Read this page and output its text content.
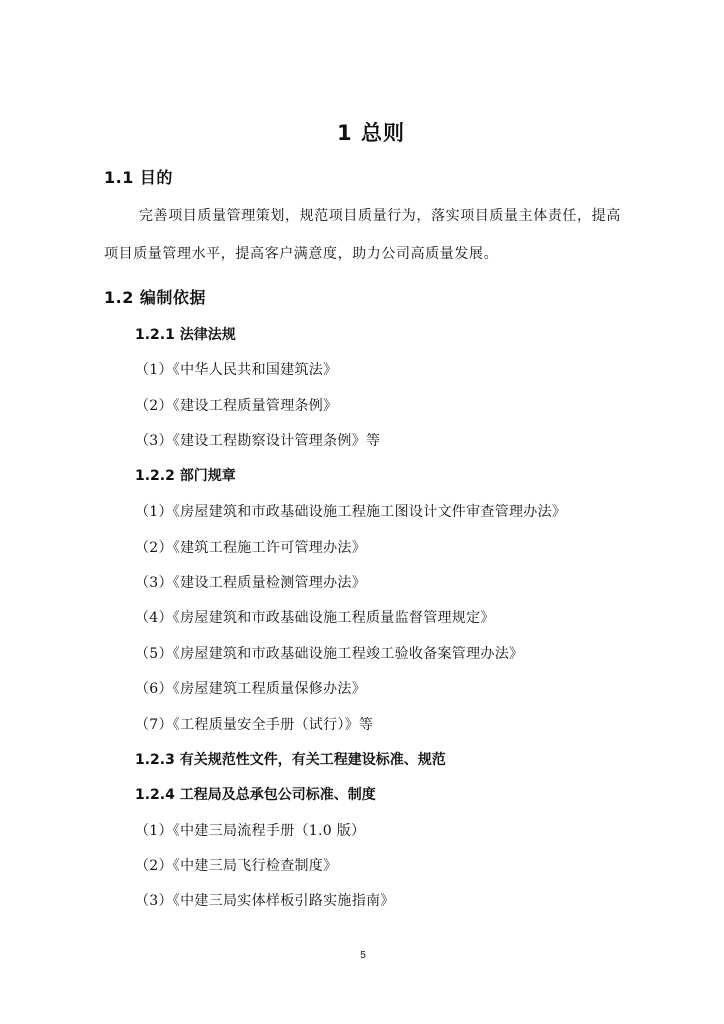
1 总则
1.1 目的
完善项目质量管理策划，规范项目质量行为，落实项目质量主体责任，提高项目质量管理水平，提高客户满意度，助力公司高质量发展。
1.2 编制依据
1.2.1 法律法规
（1）《中华人民共和国建筑法》
（2）《建设工程质量管理条例》
（3）《建设工程勘察设计管理条例》等
1.2.2 部门规章
（1）《房屋建筑和市政基础设施工程施工图设计文件审查管理办法》
（2）《建筑工程施工许可管理办法》
（3）《建设工程质量检测管理办法》
（4）《房屋建筑和市政基础设施工程质量监督管理规定》
（5）《房屋建筑和市政基础设施工程竣工验收备案管理办法》
（6）《房屋建筑工程质量保修办法》
（7）《工程质量安全手册（试行）》等
1.2.3 有关规范性文件，有关工程建设标准、规范
1.2.4 工程局及总承包公司标准、制度
（1）《中建三局流程手册（1.0 版）
（2）《中建三局飞行检查制度》
（3）《中建三局实体样板引路实施指南》
5
